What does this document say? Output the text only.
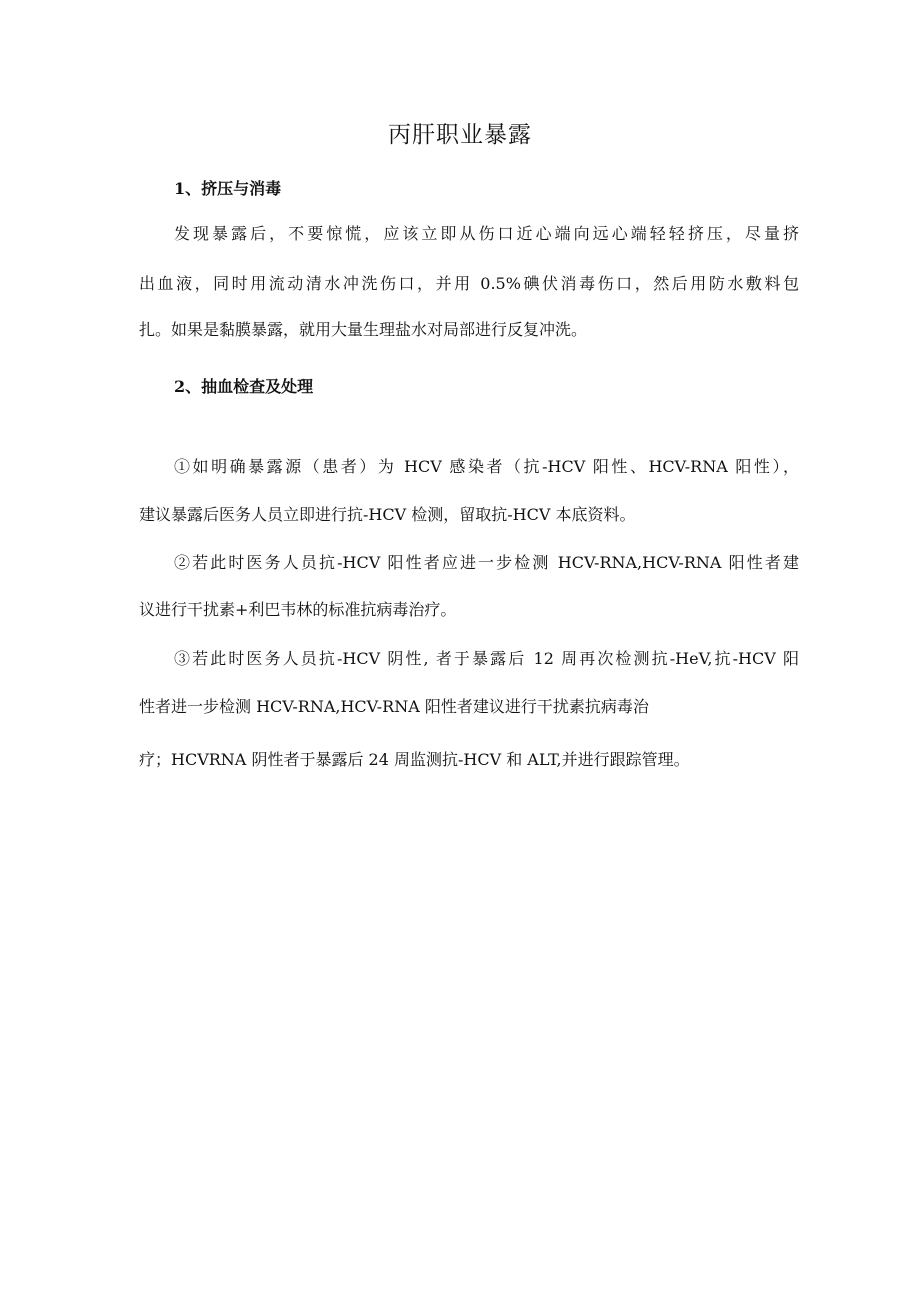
丙肝职业暴露
1、挤压与消毒
发现暴露后，不要惊慌，应该立即从伤口近心端向远心端轻轻挤压，尽量挤
出血液，同时用流动清水冲洗伤口，并用 0.5%碘伏消毒伤口，然后用防水敷料包
扎。如果是黏膜暴露，就用大量生理盐水对局部进行反复冲洗。
2、抽血检查及处理
①如明确暴露源（患者）为 HCV 感染者（抗-HCV 阳性、HCV-RNA 阳性），
建议暴露后医务人员立即进行抗-HCV 检测，留取抗-HCV 本底资料。
②若此时医务人员抗-HCV 阳性者应进一步检测 HCV-RNA,HCV-RNA 阳性者建
议进行干扰素+利巴韦林的标准抗病毒治疗。
③若此时医务人员抗-HCV 阴性, 者于暴露后 12 周再次检测抗-HeV,抗-HCV 阳
性者进一步检测 HCV-RNA,HCV-RNA 阳性者建议进行干扰素抗病毒治
疗；HCVRNA 阴性者于暴露后 24 周监测抗-HCV 和 ALT,并进行跟踪管理。
